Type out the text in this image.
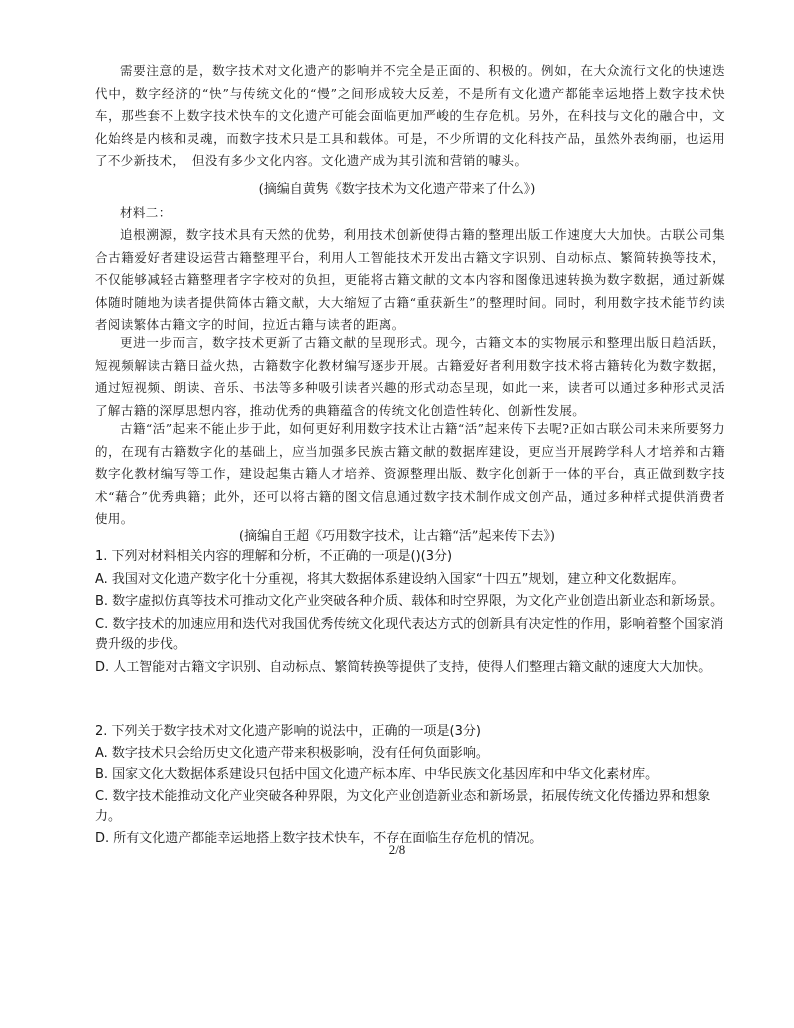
需要注意的是，数字技术对文化遗产的影响并不完全是正面的、积极的。例如，在大众流行文化的快速迭代中，数字经济的“快”与传统文化的“慢”之间形成较大反差，不是所有文化遗产都能幸运地搭上数字技术快车，那些套不上数字技术快车的文化遗产可能会面临更加严峻的生存危机。另外，在科技与文化的融合中，文化始终是内核和灵魂，而数字技术只是工具和载体。可是，不少所谓的文化科技产品，虽然外表绚丽，也运用了不少新技术，　但没有多少文化内容。文化遗产成为其引流和营销的噱头。

(摘编自黄隽《数字技术为文化遗产带来了什么》)

材料二：

追根溯源，数字技术具有天然的优势，利用技术创新使得古籍的整理出版工作速度大大加快。古联公司集合古籍爱好者建设运营古籍整理平台，利用人工智能技术开发出古籍文字识别、自动标点、繁简转换等技术，不仅能够减轻古籍整理者字字校对的负担，更能将古籍文献的文本内容和图像迅速转换为数字数据，通过新媒体随时随地为读者提供简体古籍文献，大大缩短了古籍“重获新生”的整理时间。同时，利用数字技术能节约读者阅读繁体古籍文字的时间，拉近古籍与读者的距离。

更进一步而言，数字技术更新了古籍文献的呈现形式。现今，古籍文本的实物展示和整理出版日趋活跃，短视频解读古籍日益火热，古籍数字化教材编写逐步开展。古籍爱好者利用数字技术将古籍转化为数字数据，通过短视频、朗读、音乐、书法等多种吸引读者兴趣的形式动态呈现，如此一来，读者可以通过多种形式灵活了解古籍的深厚思想内容，推动优秀的典籍蕴含的传统文化创造性转化、创新性发展。

古籍“活”起来不能止步于此，如何更好利用数字技术让古籍“活”起来传下去呢?正如古联公司未来所要努力的，在现有古籍数字化的基础上，应当加强多民族古籍文献的数据库建设，更应当开展跨学科人才培养和古籍数字化教材编写等工作，建设起集古籍人才培养、资源整理出版、数字化创新于一体的平台，真正做到数字技术“藉合”优秀典籍；此外，还可以将古籍的图文信息通过数字技术制作成文创产品，通过多种样式提供消费者使用。

(摘编自王超《巧用数字技术，让古籍“活”起来传下去》)
1. 下列对材料相关内容的理解和分析，不正确的一项是()(3分)
A. 我国对文化遗产数字化十分重视，将其大数据体系建设纳入国家“十四五”规划，建立种文化数据库。
B. 数字虚拟仿真等技术可推动文化产业突破各种介质、载体和时空界限，为文化产业创造出新业态和新场景。
C. 数字技术的加速应用和迭代对我国优秀传统文化现代表达方式的创新具有决定性的作用，影响着整个国家消费升级的步伐。
D. 人工智能对古籍文字识别、自动标点、繁简转换等提供了支持，使得人们整理古籍文献的速度大大加快。
2. 下列关于数字技术对文化遗产影响的说法中，正确的一项是(3分)
A. 数字技术只会给历史文化遗产带来积极影响，没有任何负面影响。
B. 国家文化大数据体系建设只包括中国文化遗产标本库、中华民族文化基因库和中华文化素材库。
C. 数字技术能推动文化产业突破各种界限，为文化产业创造新业态和新场景，拓展传统文化传播边界和想象力。
D. 所有文化遗产都能幸运地搭上数字技术快车，不存在面临生存危机的情况。
2/8
